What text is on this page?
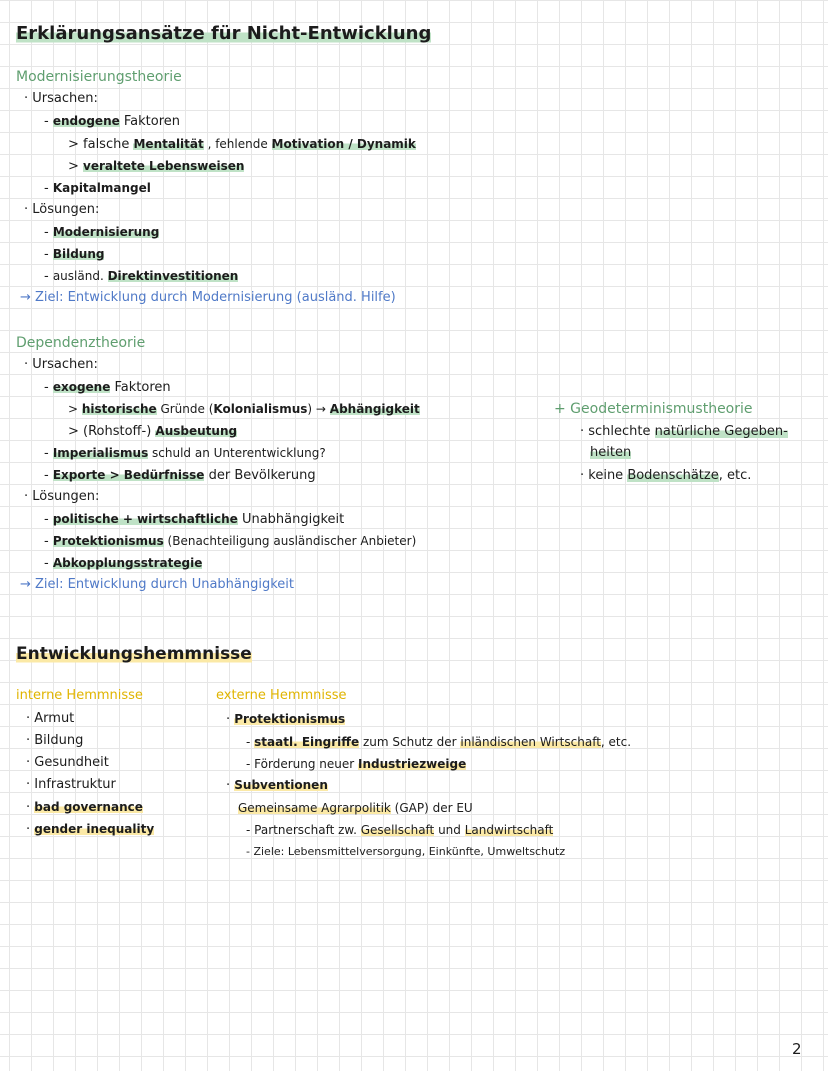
Erklärungsansätze für Nicht-Entwicklung
Modernisierungstheorie
· Ursachen:
- endogene Faktoren
> falsche Mentalität , fehlende Motivation / Dynamik
> veraltete Lebensweisen
- Kapitalmangel
· Lösungen:
- Modernisierung
- Bildung
- ausländ. Direktinvestitionen
→ Ziel: Entwicklung durch Modernisierung (ausländ. Hilfe)
Dependenztheorie
· Ursachen:
- exogene Faktoren
> historische Gründe (Kolonialismus) → Abhängigkeit
> (Rohstoff-) Ausbeutung
- Imperialismus schuld an Unterentwicklung?
- Exporte > Bedürfnisse der Bevölkerung
· Lösungen:
- politische + wirtschaftliche Unabhängigkeit
- Protektionismus (Benachteiligung ausländischer Anbieter)
- Abkopplungsstrategie
→ Ziel: Entwicklung durch Unabhängigkeit
+ Geodeterminismustheorie
· schlechte natürliche Gegeben-
heiten
· keine Bodenschätze, etc.
Entwicklungshemmnisse
interne Hemmnisse
· Armut
· Bildung
· Gesundheit
· Infrastruktur
· bad governance
· gender inequality
externe Hemmnisse
· Protektionismus
- staatl. Eingriffe zum Schutz der inländischen Wirtschaft, etc.
- Förderung neuer Industriezweige
· Subventionen
Gemeinsame Agrarpolitik (GAP) der EU
- Partnerschaft zw. Gesellschaft und Landwirtschaft
- Ziele: Lebensmittelversorgung, Einkünfte, Umweltschutz
2
